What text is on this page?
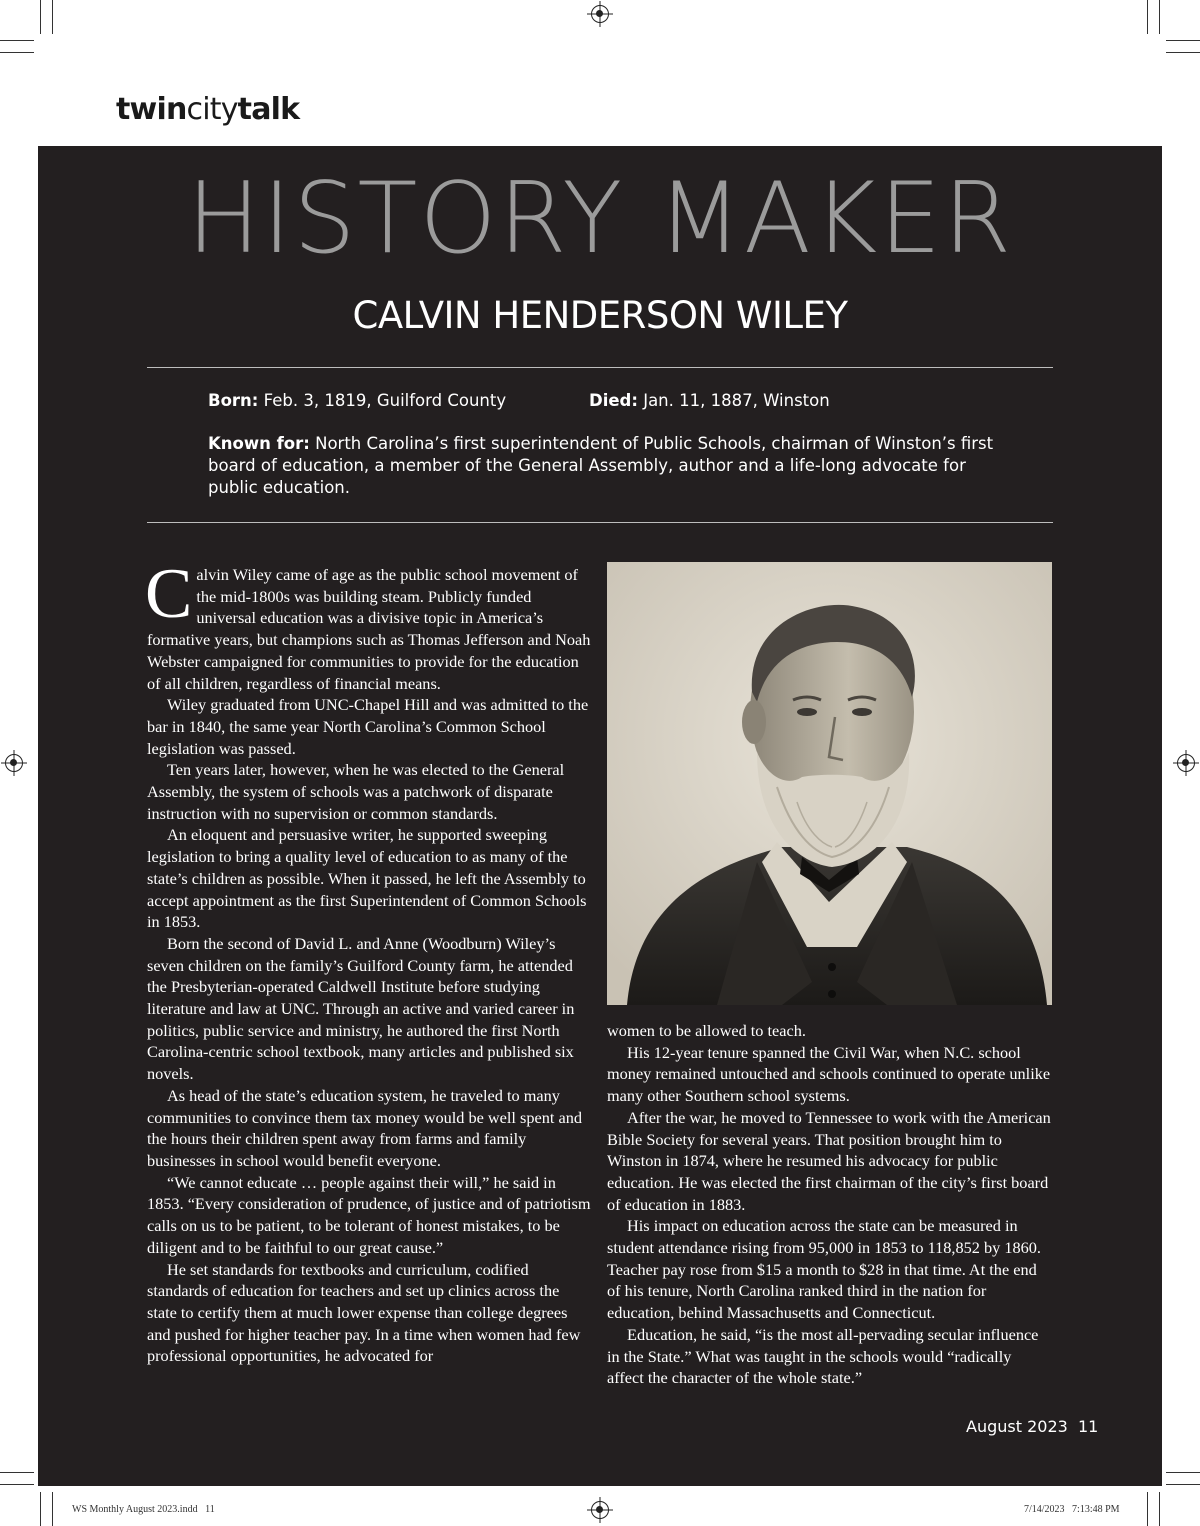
twincitytalk
HISTORY MAKER
CALVIN HENDERSON WILEY
Born: Feb. 3, 1819, Guilford County	Died: Jan. 11, 1887, Winston
Known for: North Carolina’s first superintendent of Public Schools, chairman of Winston’s first board of education, a member of the General Assembly, author and a life-long advocate for public education.

Calvin Wiley came of age as the public school movement of the mid-1800s was building steam. Publicly funded universal education was a divisive topic in America’s formative years, but champions such as Thomas Jefferson and Noah Webster campaigned for communities to provide for the education of all children, regardless of financial means.

Wiley graduated from UNC-Chapel Hill and was admitted to the bar in 1840, the same year North Carolina’s Common School legislation was passed.

Ten years later, however, when he was elected to the General Assembly, the system of schools was a patchwork of disparate instruction with no supervision or common standards.

An eloquent and persuasive writer, he supported sweeping legislation to bring a quality level of education to as many of the state’s children as possible. When it passed, he left the Assembly to accept appointment as the first Superintendent of Common Schools in 1853.

Born the second of David L. and Anne (Woodburn) Wiley’s seven children on the family’s Guilford County farm, he attended the Presbyterian-operated Caldwell Institute before studying literature and law at UNC. Through an active and varied career in politics, public service and ministry, he authored the first North Carolina-centric school textbook, many articles and published six novels.

As head of the state’s education system, he traveled to many communities to convince them tax money would be well spent and the hours their children spent away from farms and family businesses in school would benefit everyone.

“We cannot educate … people against their will,” he said in 1853. “Every consideration of prudence, of justice and of patriotism calls on us to be patient, to be tolerant of honest mistakes, to be diligent and to be faithful to our great cause.”

He set standards for textbooks and curriculum, codified standards of education for teachers and set up clinics across the state to certify them at much lower expense than college degrees and pushed for higher teacher pay. In a time when women had few professional opportunities, he advocated for

women to be allowed to teach.

His 12-year tenure spanned the Civil War, when N.C. school money remained untouched and schools continued to operate unlike many other Southern school systems.

After the war, he moved to Tennessee to work with the American Bible Society for several years. That position brought him to Winston in 1874, where he resumed his advocacy for public education. He was elected the first chairman of the city’s first board of education in 1883.

His impact on education across the state can be measured in student attendance rising from 95,000 in 1853 to 118,852 by 1860. Teacher pay rose from $15 a month to $28 in that time. At the end of his tenure, North Carolina ranked third in the nation for education, behind Massachusetts and Connecticut.

Education, he said, “is the most all-pervading secular influence in the State.” What was taught in the schools would “radically affect the character of the whole state.”

August 2023 11
WS Monthly August 2023.indd   11	7/14/2023   7:13:48 PM
